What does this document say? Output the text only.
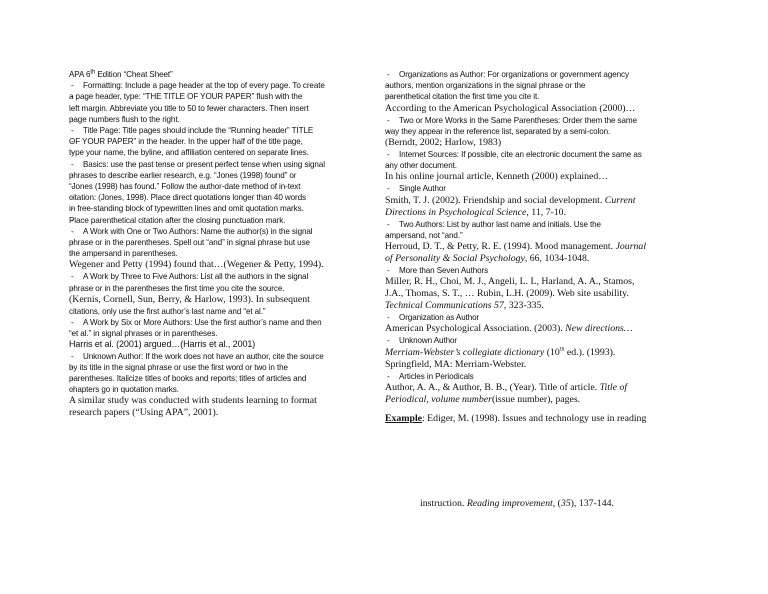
APA 6th Edition “Cheat Sheet”
- Formatting: Include a page header at the top of every page. To create
- a page header, type: “THE TITLE OF YOUR PAPER” flush with the
- left margin. Abbreviate you title to 50 to fewer characters. Then insert
- page numbers flush to the right.
- Title Page: Title pages should include the “Running header” TITLE
- OF YOUR PAPER” in the header. In the upper half of the title page,
- type your name, the byline, and affiliation centered on separate lines.
- Basics: use the past tense or present perfect tense when using signal
- phrases to describe earlier research, e.g. “Jones (1998) found” or
- “Jones (1998) has found.” Follow the author-date method of in-text
- citation: (Jones, 1998). Place direct quotations longer than 40 words
- in free-standing block of typewritten lines and omit quotation marks.
- Place parenthetical citation after the closing punctuation mark.
- A Work with One or Two Authors: Name the author(s) in the signal
- phrase or in the parentheses. Spell out “and” in signal phrase but use
- the ampersand in parentheses.
Wegener and Petty (1994) found that…(Wegener & Petty, 1994).
- A Work by Three to Five Authors: List all the authors in the signal
- phrase or in the parentheses the first time you cite the source.
(Kernis, Cornell, Sun, Berry, & Harlow, 1993). In subsequent
citations, only use the first author’s last name and “et al.”
- A Work by Six or More Authors: Use the first author’s name and then
- “et al.” in signal phrases or in parentheses.
Harris et al. (2001) argued…(Harris et al., 2001)
- Unknown Author: If the work does not have an author, cite the source
- by its title in the signal phrase or use the first word or two in the
- parentheses. Italicize titles of books and reports; titles of articles and
- chapters go in quotation marks.
A similar study was conducted with students learning to format
research papers (“Using APA”, 2001).
- Organizations as Author: For organizations or government agency
- authors, mention organizations in the signal phrase or the
- parenthetical citation the first time you cite it.
According to the American Psychological Association (2000)…
- Two or More Works in the Same Parentheses: Order them the same
- way they appear in the reference list, separated by a semi-colon.
(Berndt, 2002; Harlow, 1983)
- Internet Sources: If possible, cite an electronic document the same as
- any other document.
In his online journal article, Kenneth (2000) explained…
- Single Author
Smith, T. J. (2002). Friendship and social development. Current
Directions in Psychological Science, 11, 7-10.
- Two Authors: List by author last name and initials. Use the
- ampersand, not “and.”
Herroud, D. T., & Petty, R. E. (1994). Mood management. Journal
of Personality & Social Psychology, 66, 1034-1048.
- More than Seven Authors
Miller, R. H., Choi, M. J., Angeli, L. L, Harland, A. A., Stamos,
J.A., Thomas, S. T., … Rubin, L.H. (2009). Web site usability.
Technical Communications 57, 323-335.
- Organization as Author
American Psychological Association. (2003). New directions…
- Unknown Author
Merriam-Webster’s collegiate dictionary (10th ed.). (1993).
Springfield, MA: Merriam-Webster.
- Articles in Periodicals
Author, A. A., & Author, B. B., (Year). Title of article. Title of
Periodical, volume number(issue number), pages.
Example: Ediger, M. (1998). Issues and technology use in reading
instruction. Reading improvement, (35), 137-144.
